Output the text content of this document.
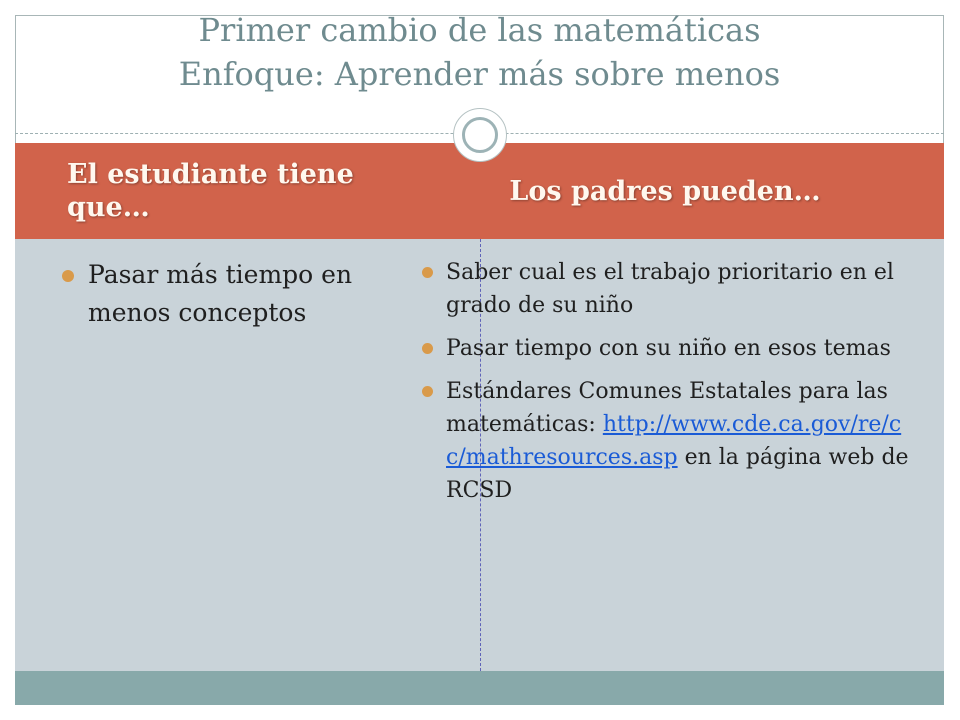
Primer cambio de las matemáticas
Enfoque: Aprender más sobre menos
El estudiante tiene que…
Los padres pueden…
Pasar más tiempo en menos conceptos
Saber cual es el trabajo prioritario en el grado de su niño
Pasar tiempo con su niño en esos temas
Estándares Comunes Estatales para las matemáticas: http://www.cde.ca.gov/re/cc/mathresources.asp en la página web de RCSD
